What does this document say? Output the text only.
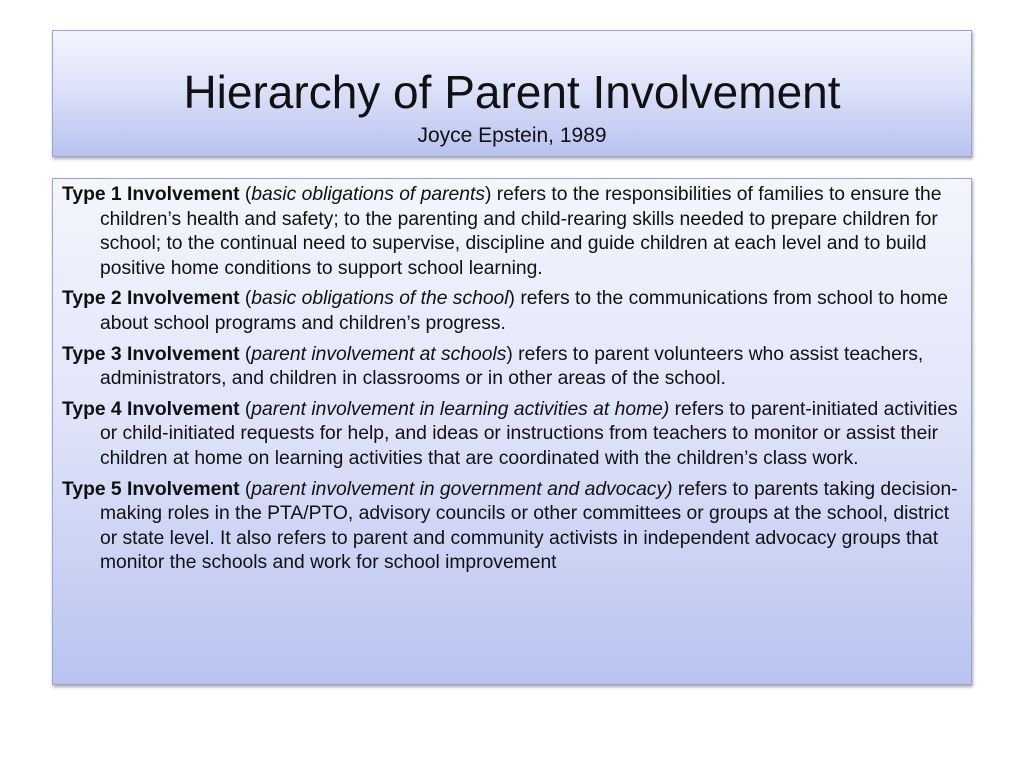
Hierarchy of Parent Involvement

Joyce Epstein, 1989

Type 1 Involvement (basic obligations of parents) refers to the responsibilities of families to ensure the children’s health and safety; to the parenting and child-rearing skills needed to prepare children for school; to the continual need to supervise, discipline and guide children at each level and to build positive home conditions to support school learning.

Type 2 Involvement (basic obligations of the school) refers to the communications from school to home about school programs and children’s progress.

Type 3 Involvement (parent involvement at schools) refers to parent volunteers who assist teachers, administrators, and children in classrooms or in other areas of the school.

Type 4 Involvement (parent involvement in learning activities at home) refers to parent-initiated activities or child-initiated requests for help, and ideas or instructions from teachers to monitor or assist their children at home on learning activities that are coordinated with the children’s class work.

Type 5 Involvement (parent involvement in government and advocacy) refers to parents taking decision-making roles in the PTA/PTO, advisory councils or other committees or groups at the school, district or state level. It also refers to parent and community activists in independent advocacy groups that monitor the schools and work for school improvement
